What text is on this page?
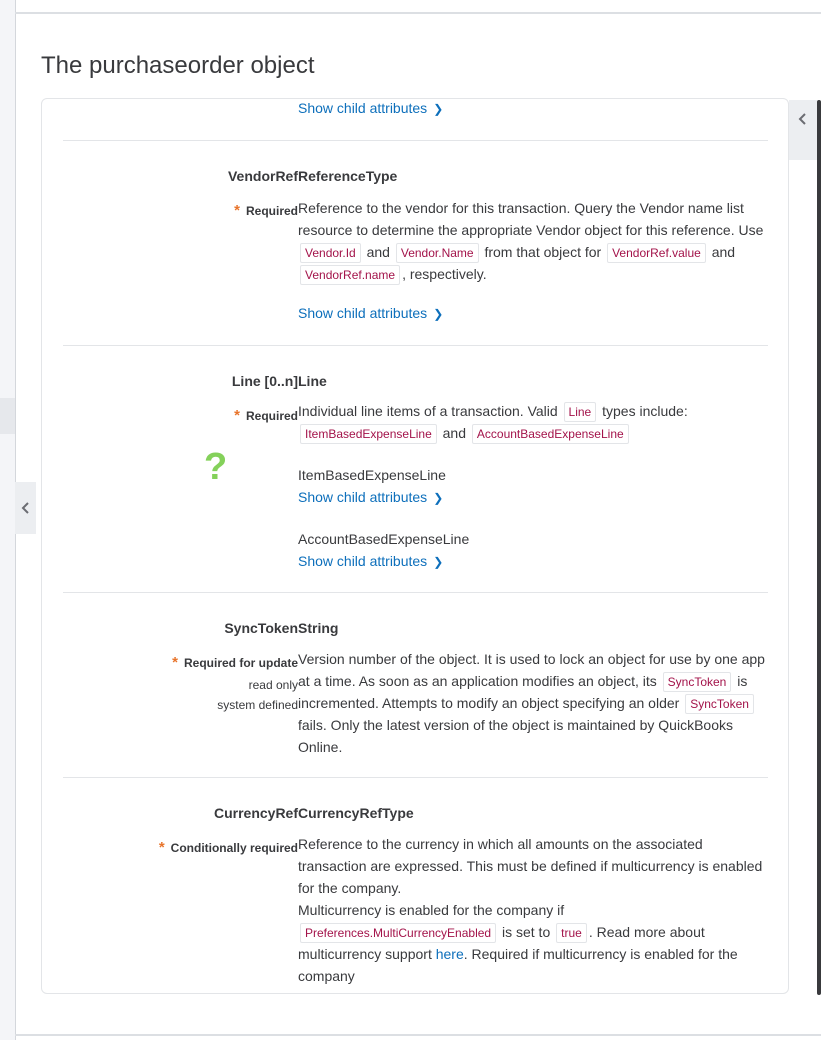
The purchaseorder object
Show child attributes ❯
VendorRef
* Required
ReferenceType
Reference to the vendor for this transaction. Query the Vendor name list resource to determine the appropriate Vendor object for this reference. Use Vendor.Id and Vendor.Name from that object for VendorRef.value and VendorRef.name , respectively.
Show child attributes ❯
Line [0..n]
* Required
?
Line
Individual line items of a transaction. Valid Line types include: ItemBasedExpenseLine and AccountBasedExpenseLine
ItemBasedExpenseLine
Show child attributes ❯
AccountBasedExpenseLine
Show child attributes ❯
SyncToken
* Required for update
read only
system defined
String
Version number of the object. It is used to lock an object for use by one app at a time. As soon as an application modifies an object, its SyncToken is incremented. Attempts to modify an object specifying an older SyncToken fails. Only the latest version of the object is maintained by QuickBooks Online.
CurrencyRef
* Conditionally required
CurrencyRefType
Reference to the currency in which all amounts on the associated transaction are expressed. This must be defined if multicurrency is enabled for the company.
Multicurrency is enabled for the company if Preferences.MultiCurrencyEnabled is set to true . Read more about multicurrency support here. Required if multicurrency is enabled for the company
